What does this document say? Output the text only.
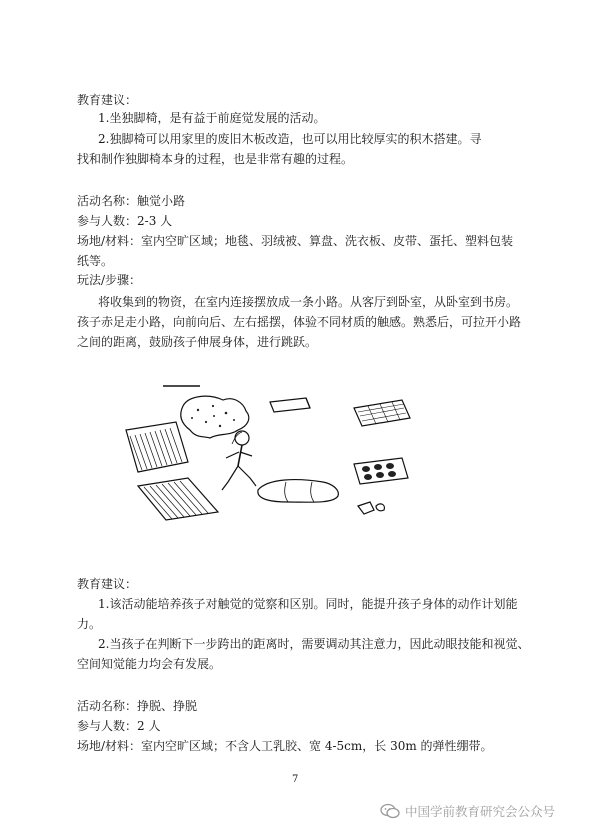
教育建议：
1.坐独脚椅，是有益于前庭觉发展的活动。
2.独脚椅可以用家里的废旧木板改造，也可以用比较厚实的积木搭建。寻
找和制作独脚椅本身的过程，也是非常有趣的过程。
活动名称：触觉小路
参与人数：2-3 人
场地/材料：室内空旷区域；地毯、羽绒被、算盘、洗衣板、皮带、蛋托、塑料包装
纸等。
玩法/步骤：
将收集到的物资，在室内连接摆放成一条小路。从客厅到卧室，从卧室到书房。
孩子赤足走小路，向前向后、左右摇摆，体验不同材质的触感。熟悉后，可拉开小路
之间的距离，鼓励孩子伸展身体，进行跳跃。
教育建议：
1.该活动能培养孩子对触觉的觉察和区别。同时，能提升孩子身体的动作计划能
力。
2.当孩子在判断下一步跨出的距离时，需要调动其注意力，因此动眼技能和视觉、
空间知觉能力均会有发展。
活动名称：挣脱、挣脱
参与人数：2 人
场地/材料：室内空旷区域；不含人工乳胶、宽 4-5cm，长 30m 的弹性绷带。
7
中国学前教育研究会公众号
